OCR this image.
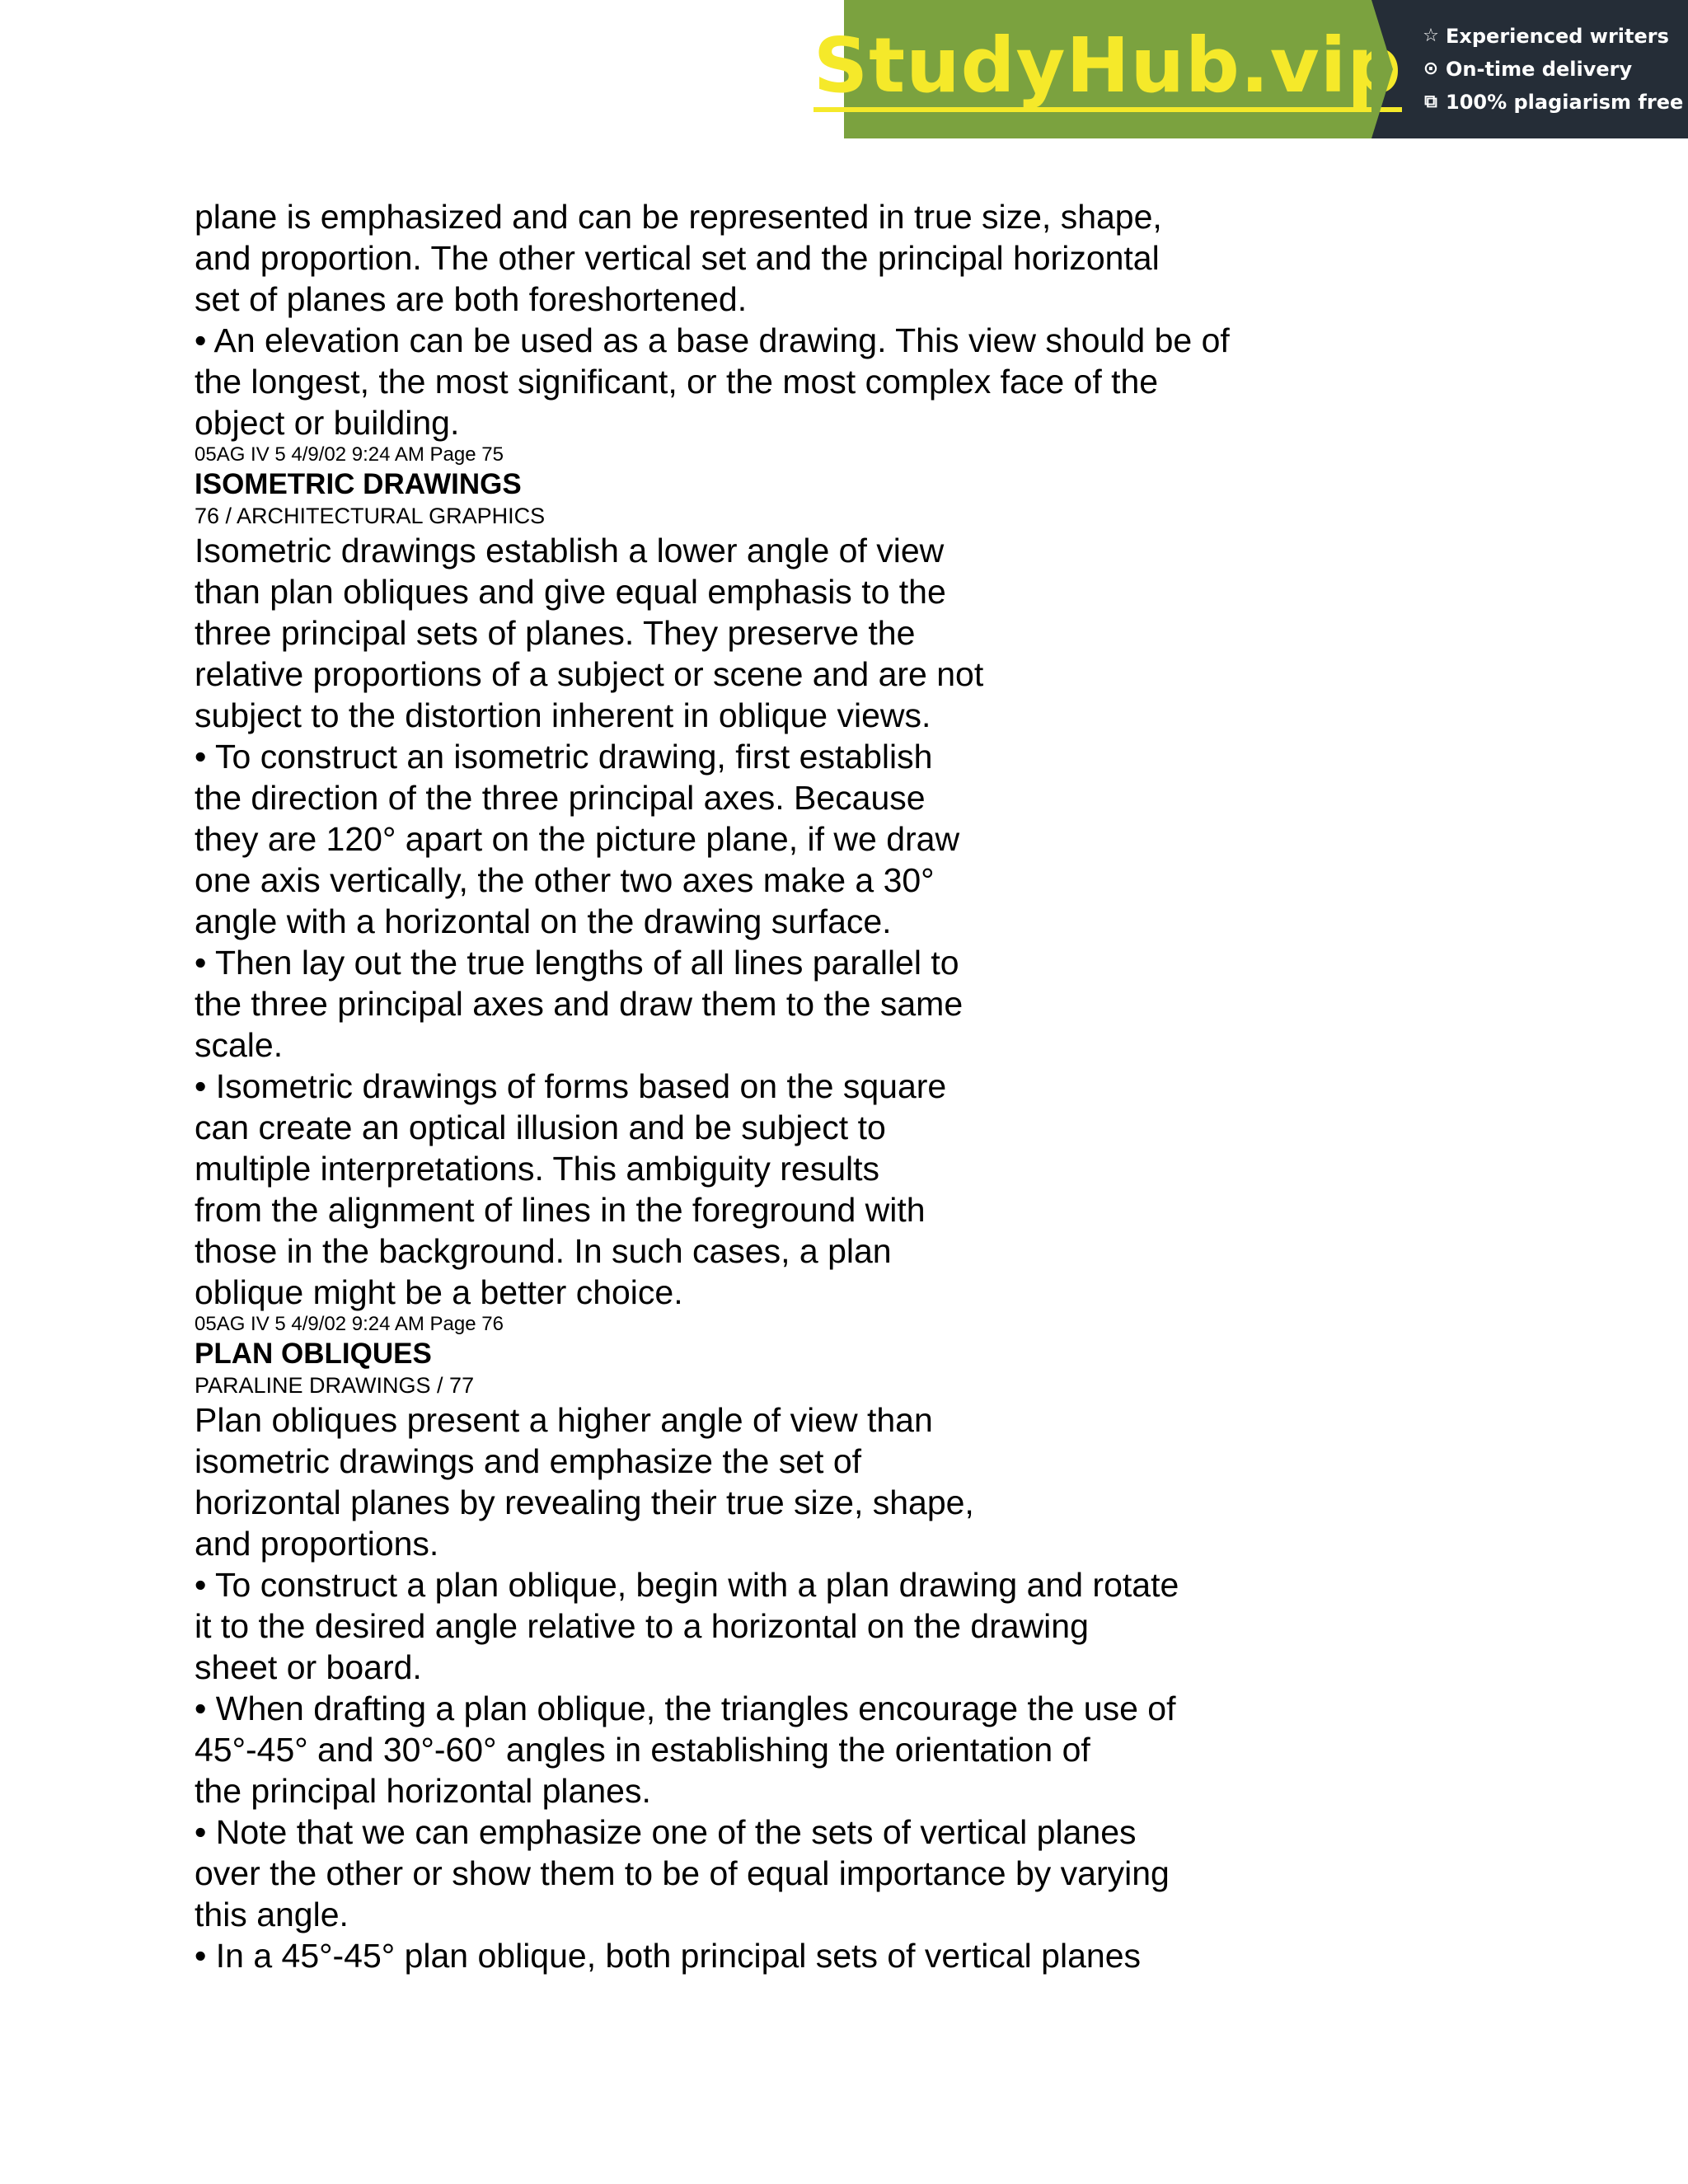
StudyHub.vip ☆ Experienced writers
⊙ On-time delivery
⧉ 100% plagiarism free

plane is emphasized and can be represented in true size, shape,

and proportion. The other vertical set and the principal horizontal

set of planes are both foreshortened.

• An elevation can be used as a base drawing. This view should be of

the longest, the most significant, or the most complex face of the

object or building.

05AG IV 5 4/9/02 9:24 AM Page 75

ISOMETRIC DRAWINGS

76 / ARCHITECTURAL GRAPHICS

Isometric drawings establish a lower angle of view

than plan obliques and give equal emphasis to the

three principal sets of planes. They preserve the

relative proportions of a subject or scene and are not

subject to the distortion inherent in oblique views.

• To construct an isometric drawing, first establish

the direction of the three principal axes. Because

they are 120° apart on the picture plane, if we draw

one axis vertically, the other two axes make a 30°

angle with a horizontal on the drawing surface.

• Then lay out the true lengths of all lines parallel to

the three principal axes and draw them to the same

scale.

• Isometric drawings of forms based on the square

can create an optical illusion and be subject to

multiple interpretations. This ambiguity results

from the alignment of lines in the foreground with

those in the background. In such cases, a plan

oblique might be a better choice.

05AG IV 5 4/9/02 9:24 AM Page 76

PLAN OBLIQUES

PARALINE DRAWINGS / 77

Plan obliques present a higher angle of view than

isometric drawings and emphasize the set of

horizontal planes by revealing their true size, shape,

and proportions.

• To construct a plan oblique, begin with a plan drawing and rotate

it to the desired angle relative to a horizontal on the drawing

sheet or board.

• When drafting a plan oblique, the triangles encourage the use of

45°-45° and 30°-60° angles in establishing the orientation of

the principal horizontal planes.

• Note that we can emphasize one of the sets of vertical planes

over the other or show them to be of equal importance by varying

this angle.

• In a 45°-45° plan oblique, both principal sets of vertical planes
